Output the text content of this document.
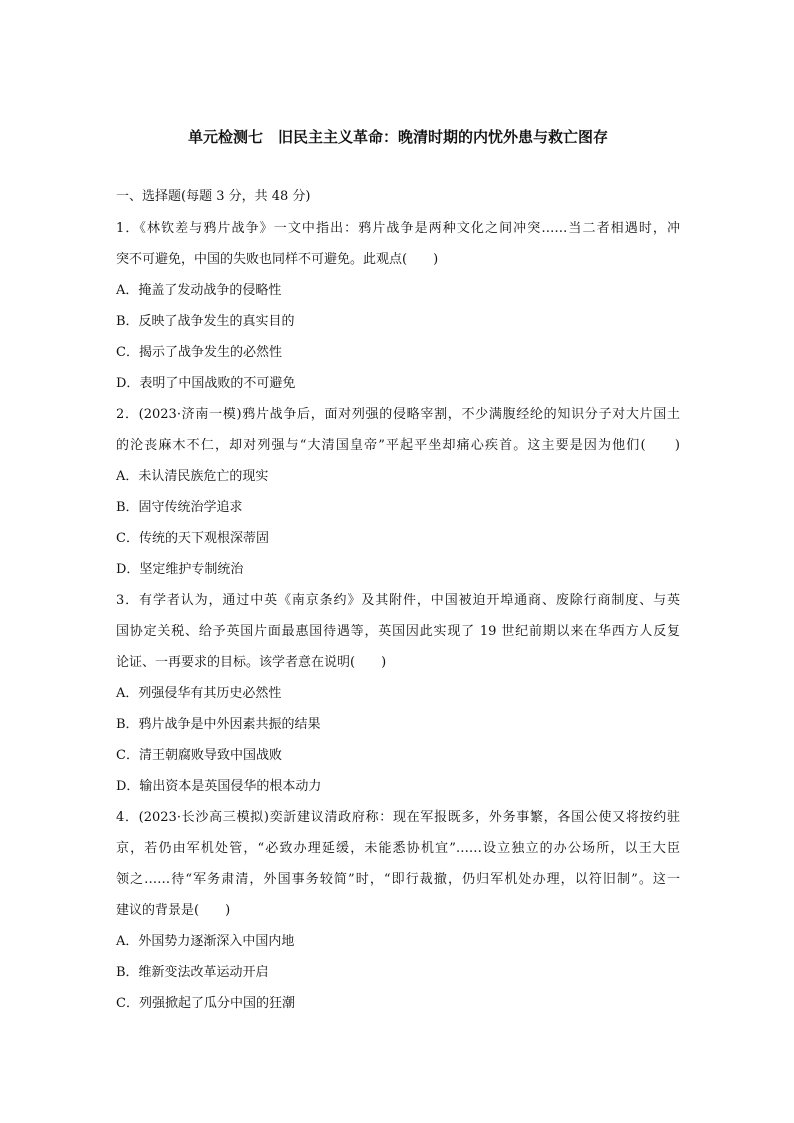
单元检测七　旧民主主义革命：晚清时期的内忧外患与救亡图存
一、选择题(每题 3 分，共 48 分)
1．《林钦差与鸦片战争》一文中指出：鸦片战争是两种文化之间冲突……当二者相遇时，冲
突不可避免，中国的失败也同样不可避免。此观点(　　)
A．掩盖了发动战争的侵略性
B．反映了战争发生的真实目的
C．揭示了战争发生的必然性
D．表明了中国战败的不可避免
2．(2023·济南一模)鸦片战争后，面对列强的侵略宰割，不少满腹经纶的知识分子对大片国土
的沦丧麻木不仁，却对列强与“大清国皇帝”平起平坐却痛心疾首。这主要是因为他们(　　)
A．未认清民族危亡的现实
B．固守传统治学追求
C．传统的天下观根深蒂固
D．坚定维护专制统治
3．有学者认为，通过中英《南京条约》及其附件，中国被迫开埠通商、废除行商制度、与英
国协定关税、给予英国片面最惠国待遇等，英国因此实现了 19 世纪前期以来在华西方人反复
论证、一再要求的目标。该学者意在说明(　　)
A．列强侵华有其历史必然性
B．鸦片战争是中外因素共振的结果
C．清王朝腐败导致中国战败
D．输出资本是英国侵华的根本动力
4．(2023·长沙高三模拟)奕訢建议清政府称：现在军报既多，外务事繁，各国公使又将按约驻
京，若仍由军机处管，“必致办理延缓，未能悉协机宜”……设立独立的办公场所，以王大臣
领之……待“军务肃清，外国事务较简”时，“即行裁撤，仍归军机处办理，以符旧制”。这一
建议的背景是(　　)
A．外国势力逐渐深入中国内地
B．维新变法改革运动开启
C．列强掀起了瓜分中国的狂潮
